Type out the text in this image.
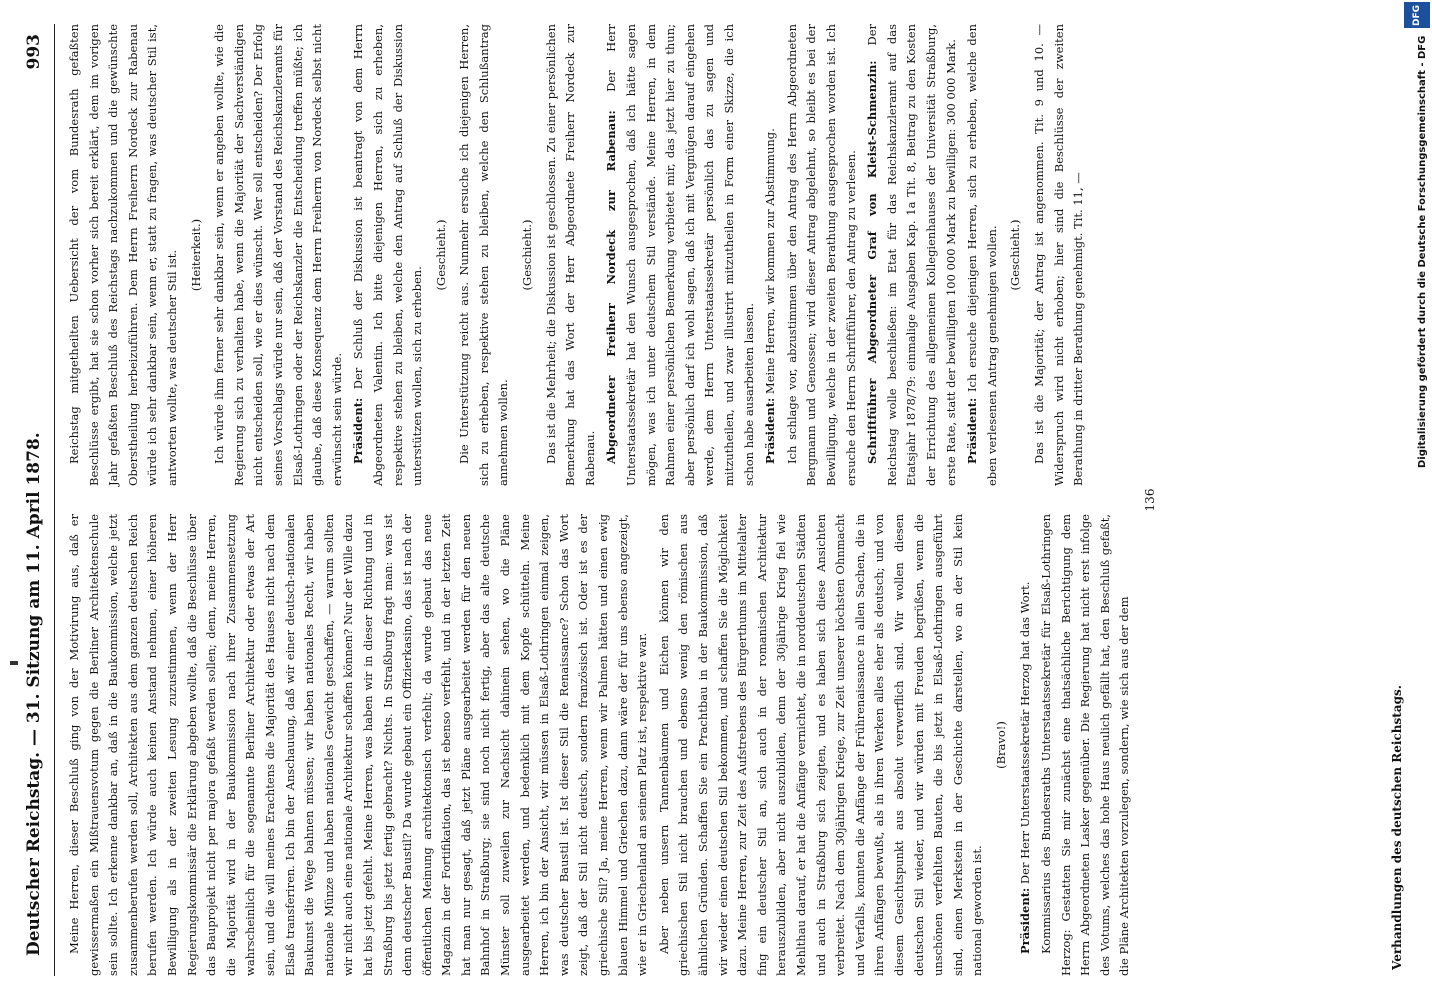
DFG
Digitalisierung gefördert durch die Deutsche Forschungsgemeinschaft - DFG
Deutscher Reichstag. — 31. Sitzung am 11. April 1878.
993

Meine Herren, dieser Beschluß ging von der Motivirung aus, daß er gewissermaßen ein Mißtrauensvotum gegen die Berliner Architektenschule sein sollte. Ich erkenne dankbar an, daß in die Baukommission, welche jetzt zusammenberufen werden soll, Architekten aus dem ganzen deutschen Reich berufen werden. Ich würde auch keinen Anstand nehmen, einer höheren Bewilligung als in der zweiten Lesung zuzustimmen, wenn der Herr Regierungskommissär die Erklärung abgeben wollte, daß die Beschlüsse über das Bauprojekt nicht per majora gefaßt werden sollen; denn, meine Herren, die Majorität wird in der Baukommission nach ihrer Zusammensetzung wahrscheinlich für die sogenannte Berliner Architektur oder etwas der Art sein, und die will meines Erachtens die Majorität des Hauses nicht nach dem Elsaß transferiren. Ich bin der Anschauung, daß wir einer deutsch-nationalen Baukunst die Wege bahnen müssen; wir haben nationales Recht, wir haben nationale Münze und haben nationales Gewicht geschaffen, — warum sollten wir nicht auch eine nationale Architektur schaffen können? Nur der Wille dazu hat bis jetzt gefehlt. Meine Herren, was haben wir in dieser Richtung und in Straßburg bis jetzt fertig gebracht? Nichts. In Straßburg fragt man: was ist denn deutscher Baustil? Da wurde gebaut ein Offizierkasino, das ist nach der öffentlichen Meinung architektonisch verfehlt; da wurde gebaut das neue Magazin in der Fortifikation, das ist ebenso verfehlt, und in der letzten Zeit hat man nur gesagt, daß jetzt Pläne ausgearbeitet werden für den neuen Bahnhof in Straßburg; sie sind noch nicht fertig, aber das alte deutsche Münster soll zuweilen zur Nachsicht dahinein sehen, wo die Pläne ausgearbeitet werden, und bedenklich mit dem Kopfe schütteln. Meine Herren, ich bin der Ansicht, wir müssen in Elsaß-Lothringen einmal zeigen, was deutscher Baustil ist. Ist dieser Stil die Renaissance? Schon das Wort zeigt, daß der Stil nicht deutsch, sondern französisch ist. Oder ist es der griechische Stil? Ja, meine Herren, wenn wir Palmen hätten und einen ewig blauen Himmel und Griechen dazu, dann wäre der für uns ebenso angezeigt, wie er in Griechenland an seinem Platz ist, respektive war. Aber neben unsern Tannenbäumen und Eichen können wir den griechischen Stil nicht brauchen und ebenso wenig den römischen aus ähnlichen Gründen. Schaffen Sie ein Prachtbau in der Baukommission, daß wir wieder einen deutschen Stil bekommen, und schaffen Sie die Möglichkeit dazu. Meine Herren, zur Zeit des Aufstrebens des Bürgerthums im Mittelalter fing ein deutscher Stil an, sich auch in der romanischen Architektur herauszubilden, aber nicht auszubilden, denn der 30jährige Krieg fiel wie Mehlthau darauf, er hat die Anfänge vernichtet, die in norddeutschen Städten und auch in Straßburg sich zeigten, und es haben sich diese Ansichten verbreitet. Nach dem 30jährigen Kriege, zur Zeit unserer höchsten Ohnmacht und Verfalls, konnten die Anfänge der Frührenaissance in allen Sachen, die in ihren Anfängen bewußt, als in ihren Werken alles eher als deutsch; und von diesem Gesichtspunkt aus absolut verwerflich sind. Wir wollen diesen deutschen Stil wieder, und wir würden mit Freuden begrüßen, wenn die unschönen verfehlten Bauten, die bis jetzt in Elsaß-Lothringen ausgeführt sind, einen Merkstein in der Geschichte darstellen, wo an der Stil kein national geworden ist.

(Bravo!)

Präsident: Der Herr Unterstaatssekretär Herzog hat das Wort. Kommissarius des Bundesraths Unterstaatssekretär für Elsaß-Lothringen Herzog: Gestatten Sie mir zunächst eine thatsächliche Berichtigung dem Herrn Abgeordneten Lasker gegenüber. Die Regierung hat nicht erst infolge des Votums, welches das hohe Haus neulich gefällt hat, den Beschluß gefaßt, die Pläne Architekten vorzulegen, sondern, wie sich aus der dem

Reichstag mitgetheilten Uebersicht der vom Bundesrath gefaßten Beschlüsse ergibt, hat sie schon vorher sich bereit erklärt, dem im vorigen Jahr gefaßten Beschluß des Reichstags nachzukommen und die gewünschte Oberstheilung herbeizuführen. Dem Herrn Freiherrn Nordeck zur Rabenau würde ich sehr dankbar sein, wenn er, statt zu fragen, was deutscher Stil ist, antworten wollte, was deutscher Stil ist. (Heiterkeit.) Ich würde ihm ferner sehr dankbar sein, wenn er angeben wollte, wie die Regierung sich zu verhalten habe, wenn die Majorität der Sachverständigen nicht entscheiden soll, wie er dies wünscht. Wer soll entscheiden? Der Erfolg seines Vorschlags würde nur sein, daß der Vorstand des Reichskanzleramts für Elsaß-Lothringen oder der Reichskanzler die Entscheidung treffen müßte; ich glaube, daß diese Konsequenz dem Herrn Freiherrn von Nordeck selbst nicht erwünscht sein würde. Präsident: Der Schluß der Diskussion ist beantragt von dem Herrn Abgeordneten Valentin. Ich bitte diejenigen Herren, sich zu erheben, respektive stehen zu bleiben, welche den Antrag auf Schluß der Diskussion unterstützen wollen, sich zu erheben.

(Geschieht.) Die Unterstützung reicht aus. Nunmehr ersuche ich diejenigen Herren, sich zu erheben, respektive stehen zu bleiben, welche den Schlußantrag annehmen wollen.

(Geschieht.) Das ist die Mehrheit; die Diskussion ist geschlossen. Zu einer persönlichen Bemerkung hat das Wort der Herr Abgeordnete Freiherr Nordeck zur Rabenau. Abgeordneter Freiherr Nordeck zur Rabenau: Der Herr Unterstaatssekretär hat den Wunsch ausgesprochen, daß ich hätte sagen mögen, was ich unter deutschem Stil verstände. Meine Herren, in dem Rahmen einer persönlichen Bemerkung verbietet mir, das jetzt hier zu thun; aber persönlich darf ich wohl sagen, daß ich mit Vergnügen darauf eingehen werde, dem Herrn Unterstaatssekretär persönlich das zu sagen und mitzutheilen, und zwar illustrirt mitzutheilen in Form einer Skizze, die ich schon habe ausarbeiten lassen. Präsident: Meine Herren, wir kommen zur Abstimmung. Ich schlage vor, abzustimmen über den Antrag des Herrn Abgeordneten Bergmann und Genossen; wird dieser Antrag abgelehnt, so bleibt es bei der Bewilligung, welche in der zweiten Berathung ausgesprochen worden ist. Ich ersuche den Herrn Schriftführer, den Antrag zu verlesen. Schriftführer Abgeordneter Graf von Kleist-Schmenzin: Der Reichstag wolle beschließen: im Etat für das Reichskanzleramt auf das Etatsjahr 1878/79: einmalige Ausgaben Kap. 1a Tit. 8, Beitrag zu den Kosten der Errichtung des allgemeinen Kollegienhauses der Universität Straßburg, erste Rate, statt der bewilligten 100 000 Mark zu bewilligen: 300 000 Mark. Präsident: Ich ersuche diejenigen Herren, sich zu erheben, welche den eben verlesenen Antrag genehmigen wollen. (Geschieht.) Das ist die Majorität; der Antrag ist angenommen. Tit. 9 und 10. — Widerspruch wird nicht erhoben; hier sind die Beschlüsse der zweiten Berathung in dritter Berathung genehmigt. Tit. 11, —

136
Verhandlungen des deutschen Reichstags.
